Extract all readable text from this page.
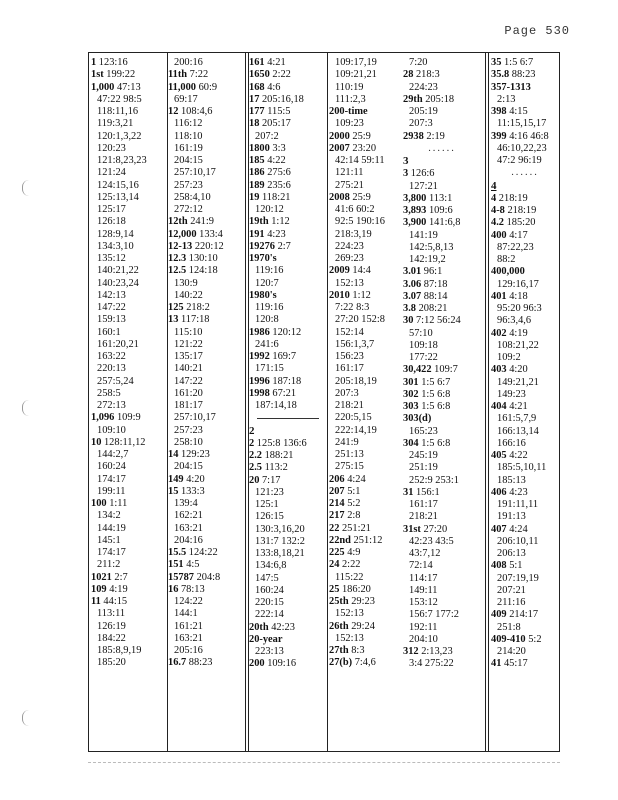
Page 530
1 123:16
1st 199:22
1,000 47:13
47:22 98:5
118:11,16
119:3,21
120:1,3,22
120:23
121:8,23,23
121:24
124:15,16
125:13,14
125:17
126:18
128:9,14
134:3,10
135:12
140:21,22
140:23,24
142:13
147:22
159:13
160:1
161:20,21
163:22
220:13
257:5,24
258:5
272:13
1,096 109:9
109:10
10 128:11,12
144:2,7
160:24
174:17
199:11
100 1:11
134:2
144:19
145:1
174:17
211:2
1021 2:7
109 4:19
11 44:15
113:11
126:19
184:22
185:8,9,19
185:20
200:16
11th 7:22
11,000 60:9
69:17
12 108:4,6
116:12
118:10
161:19
204:15
257:10,17
257:23
258:4,10
272:12
12th 241:9
12,000 133:4
12-13 220:12
12.3 130:10
12.5 124:18
130:9
140:22
125 218:2
13 117:18
115:10
121:22
135:17
140:21
147:22
161:20
181:17
257:10,17
257:23
258:10
14 129:23
204:15
149 4:20
15 133:3
139:4
162:21
163:21
204:16
15.5 124:22
151 4:5
15787 204:8
16 78:13
124:22
144:1
161:21
163:21
205:16
16.7 88:23
161 4:21
1650 2:22
168 4:6
17 205:16,18
177 115:5
18 205:17
207:2
1800 3:3
185 4:22
186 275:6
189 235:6
19 118:21
120:12
19th 1:12
191 4:23
19276 2:7
1970's
119:16
120:7
1980's
119:16
120:8
1986 120:12
241:6
1992 169:7
171:15
1996 187:18
1998 67:21
187:14,18
2
2 125:8 136:6
2.2 188:21
2.5 113:2
20 7:17
121:23
125:1
126:15
130:3,16,20
131:7 132:2
133:8,18,21
134:6,8
147:5
160:24
220:15
222:14
20th 42:23
20-year
223:13
200 109:16
109:17,19
109:21,21
110:19
111:2,3
200-time
109:23
2000 25:9
2007 23:20
42:14 59:11
121:11
275:21
2008 25:9
41:6 60:2
92:5 190:16
218:3,19
224:23
269:23
2009 14:4
152:13
2010 1:12
7:22 8:3
27:20 152:8
152:14
156:1,3,7
156:23
161:17
205:18,19
207:3
218:21
220:5,15
222:14,19
241:9
251:13
275:15
206 4:24
207 5:1
214 5:2
217 2:8
22 251:21
22nd 251:12
225 4:9
24 2:22
115:22
25 186:20
25th 29:23
152:13
26th 29:24
152:13
27th 8:3
27(b) 7:4,6
7:20
28 218:3
224:23
29th 205:18
205:19
207:3
2938 2:19
......
3
3 126:6
127:21
3,800 113:1
3,893 109:6
3,900 141:6,8
141:19
142:5,8,13
142:19,2
3.01 96:1
3.06 87:18
3.07 88:14
3.8 208:21
30 7:12 56:24
57:10
109:18
177:22
30,422 109:7
301 1:5 6:7
302 1:5 6:8
303 1:5 6:8
303(d)
165:23
304 1:5 6:8
245:19
251:19
252:9 253:1
31 156:1
161:17
218:21
31st 27:20
42:23 43:5
43:7,12
72:14
114:17
149:11
153:12
156:7 177:2
192:11
204:10
312 2:13,23
3:4 275:22
35 1:5 6:7
35.8 88:23
357-1313
2:13
398 4:15
11:15,15,17
399 4:16 46:8
46:10,22,23
47:2 96:19
......
4
4 218:19
4-8 218:19
4.2 185:20
400 4:17
87:22,23
88:2
400,000
129:16,17
401 4:18
95:20 96:3
96:3,4,6
402 4:19
108:21,22
109:2
403 4:20
149:21,21
149:23
404 4:21
161:5,7,9
166:13,14
166:16
405 4:22
185:5,10,11
185:13
406 4:23
191:11,11
191:13
407 4:24
206:10,11
206:13
408 5:1
207:19,19
207:21
211:16
409 214:17
251:8
409-410 5:2
214:20
41 45:17
